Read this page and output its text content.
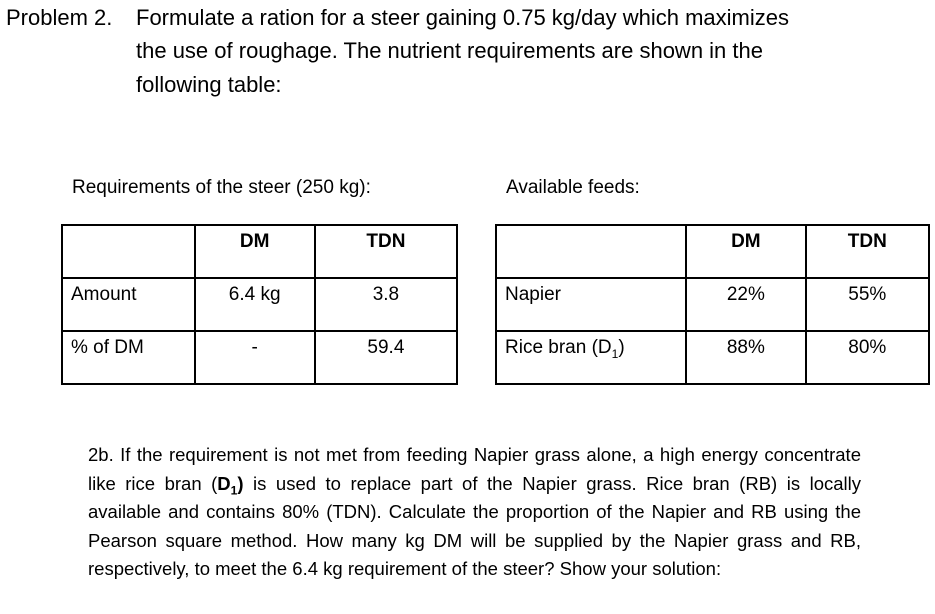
Problem 2. Formulate a ration for a steer gaining 0.75 kg/day which maximizes
the use of roughage. The nutrient requirements are shown in the
following table:
Requirements of the steer (250 kg):	Available feeds:

	DM	TDN

Amount	6.4 kg	3.8

% of DM	-	59.4

	DM	TDN

Napier	22%	55%

Rice bran $(D_1)$	88%	80%
2b. If the requirement is not met from feeding Napier grass alone, a high energy concentrate like rice bran $(D_1)$ is used to replace part of the Napier grass. Rice bran (RB) is locally available and contains 80% (TDN). Calculate the proportion of the Napier and RB using the Pearson square method. How many kg DM will be supplied by the Napier grass and RB, respectively, to meet the 6.4 kg requirement of the steer? Show your solution:
